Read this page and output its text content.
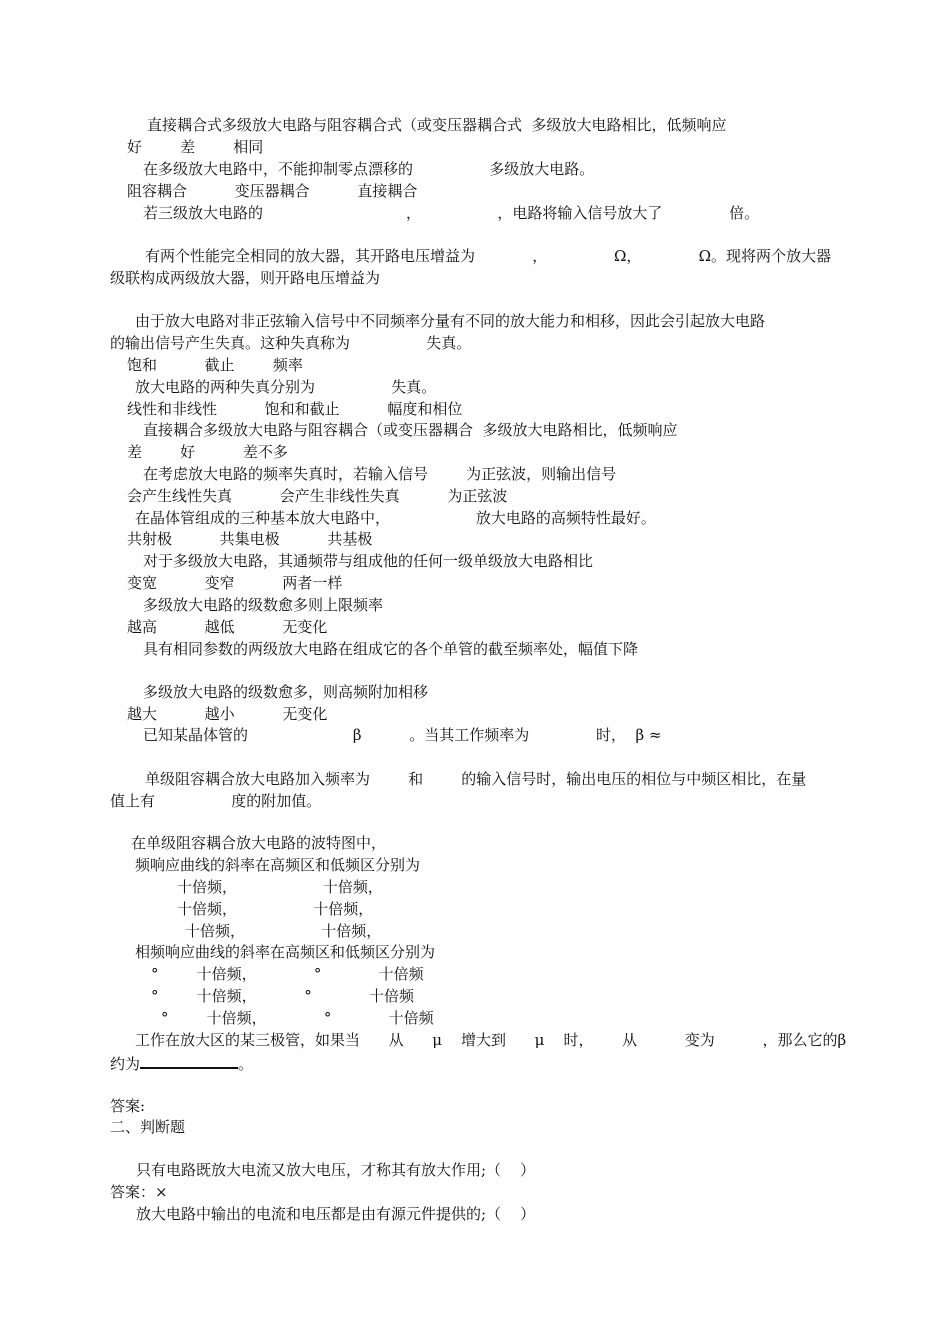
直接耦合式多级放大电路与阻容耦合式（或变压器耦合式  多级放大电路相比，低频响应
好        差        相同
在多级放大电路中，不能抑制零点漂移的                多级放大电路。
阻容耦合          变压器耦合          直接耦合
若三级放大电路的                              ，                ，电路将输入信号放大了              倍。
有两个性能完全相同的放大器，其开路电压增益为            ，              Ω，            Ω。现将两个放大器
级联构成两级放大器，则开路电压增益为
由于放大电路对非正弦输入信号中不同频率分量有不同的放大能力和相移，因此会引起放大电路
的输出信号产生失真。这种失真称为                失真。
饱和          截止        频率
放大电路的两种失真分别为                失真。
线性和非线性          饱和和截止          幅度和相位
直接耦合多级放大电路与阻容耦合（或变压器耦合  多级放大电路相比，低频响应
差        好          差不多
在考虑放大电路的频率失真时，若输入信号        为正弦波，则输出信号
会产生线性失真          会产生非线性失真          为正弦波
在晶体管组成的三种基本放大电路中，                  放大电路的高频特性最好。
共射极          共集电极          共基极
对于多级放大电路，其通频带与组成他的任何一级单级放大电路相比
变宽          变窄          两者一样
多级放大电路的级数愈多则上限频率
越高          越低          无变化
具有相同参数的两级放大电路在组成它的各个单管的截至频率处，幅值下降
多级放大电路的级数愈多，则高频附加相移
越大          越小          无变化
已知某晶体管的                      β          。当其工作频率为              时，  β ≈
单级阻容耦合放大电路加入频率为        和        的输入信号时，输出电压的相位与中频区相比，在量
值上有                度的附加值。
在单级阻容耦合放大电路的波特图中，
频响应曲线的斜率在高频区和低频区分别为
十倍频，                  十倍频，
十倍频，                十倍频，
十倍频，                十倍频，
相频响应曲线的斜率在高频区和低频区分别为
°        十倍频，            °            十倍频
°        十倍频，          °            十倍频
°        十倍频，            °            十倍频
工作在放大区的某三极管，如果当      从      μ    增大到      μ    时，      从          变为          ，那么它的β
约为	。
答案:
二、判断题
只有电路既放大电流又放大电压，才称其有放大作用;（    ）
答案：×
放大电路中输出的电流和电压都是由有源元件提供的;（    ）
